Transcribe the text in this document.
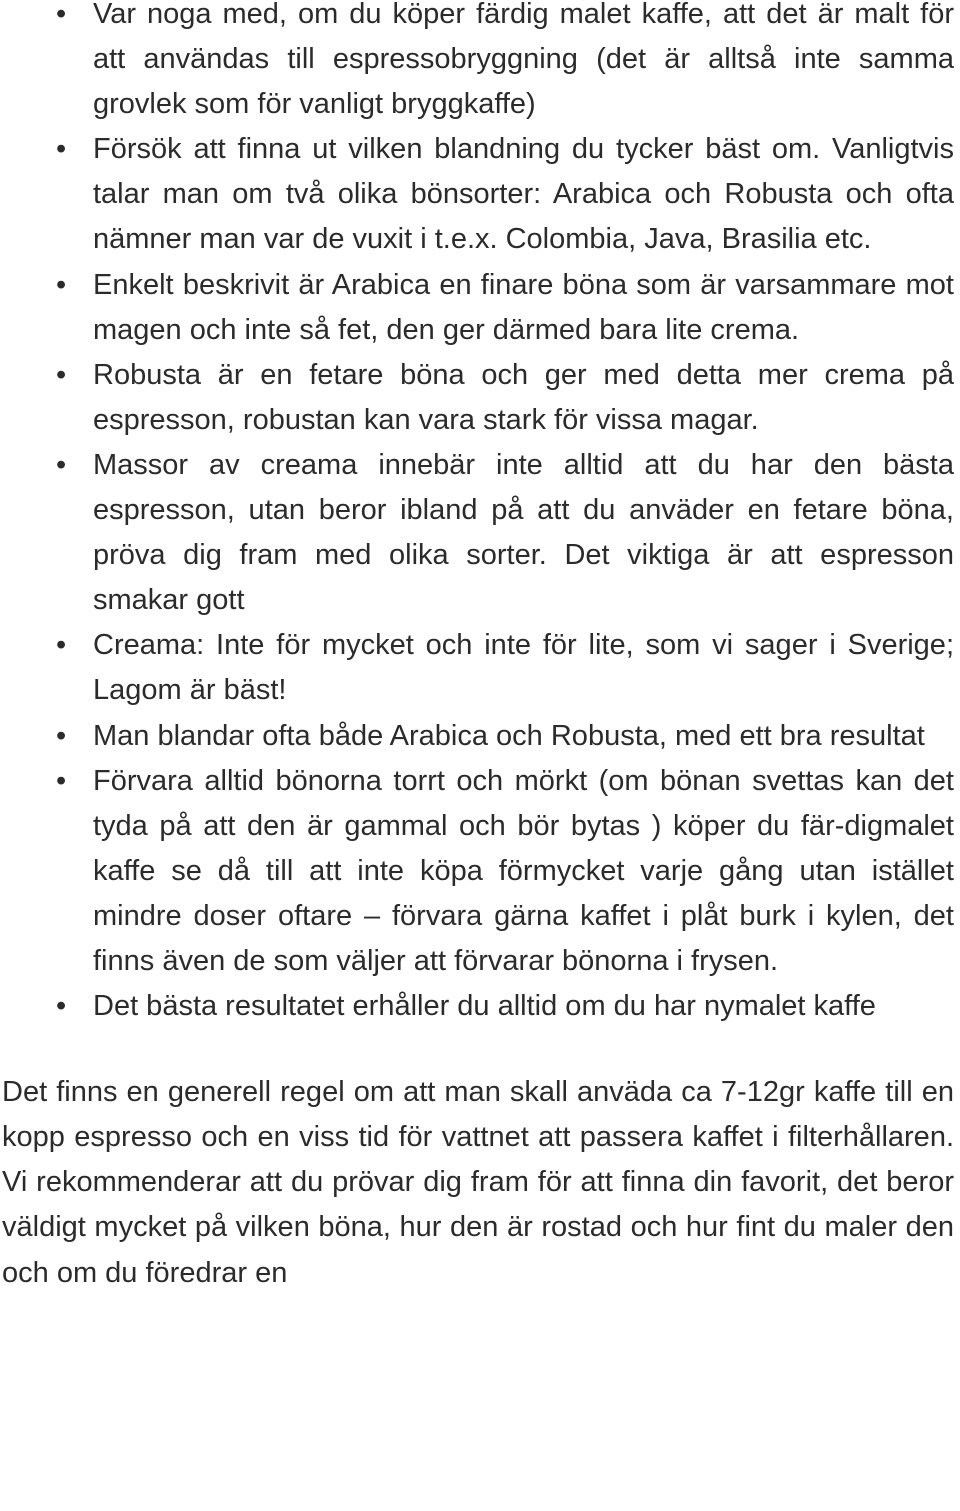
• Var noga med, om du köper färdig malet kaffe, att det är malt för att användas till espressobryggning (det är alltså inte samma grovlek som för vanligt bryggkaffe)
• Försök att finna ut vilken blandning du tycker bäst om. Vanligtvis talar man om två olika bönsorter: Arabica och Robusta och ofta nämner man var de vuxit i t.e.x. Colombia, Java, Brasilia etc.
• Enkelt beskrivit är Arabica en finare böna som är varsammare mot magen och inte så fet, den ger därmed bara lite crema.
• Robusta är en fetare böna och ger med detta mer crema på espresson, robustan kan vara stark för vissa magar.
• Massor av creama innebär inte alltid att du har den bästa espresson, utan beror ibland på att du anväder en fetare böna, pröva dig fram med olika sorter. Det viktiga är att espresson smakar gott
• Creama: Inte för mycket och inte för lite, som vi sager i Sverige; Lagom är bäst!
• Man blandar ofta både Arabica och Robusta, med ett bra resultat
• Förvara alltid bönorna torrt och mörkt (om bönan svettas kan det tyda på att den är gammal och bör bytas ) köper du fär-digmalet kaffe se då till att inte köpa förmycket varje gång utan istället mindre doser oftare – förvara gärna kaffet i plåt burk i kylen, det finns även de som väljer att förvarar bönorna i frysen.
• Det bästa resultatet erhåller du alltid om du har nymalet kaffe

Det finns en generell regel om att man skall anväda ca 7-12gr kaffe till en kopp espresso och en viss tid för vattnet att passera kaffet i filterhållaren. Vi rekommenderar att du prövar dig fram för att finna din favorit, det beror väldigt mycket på vilken böna, hur den är rostad och hur fint du maler den och om du föredrar en
